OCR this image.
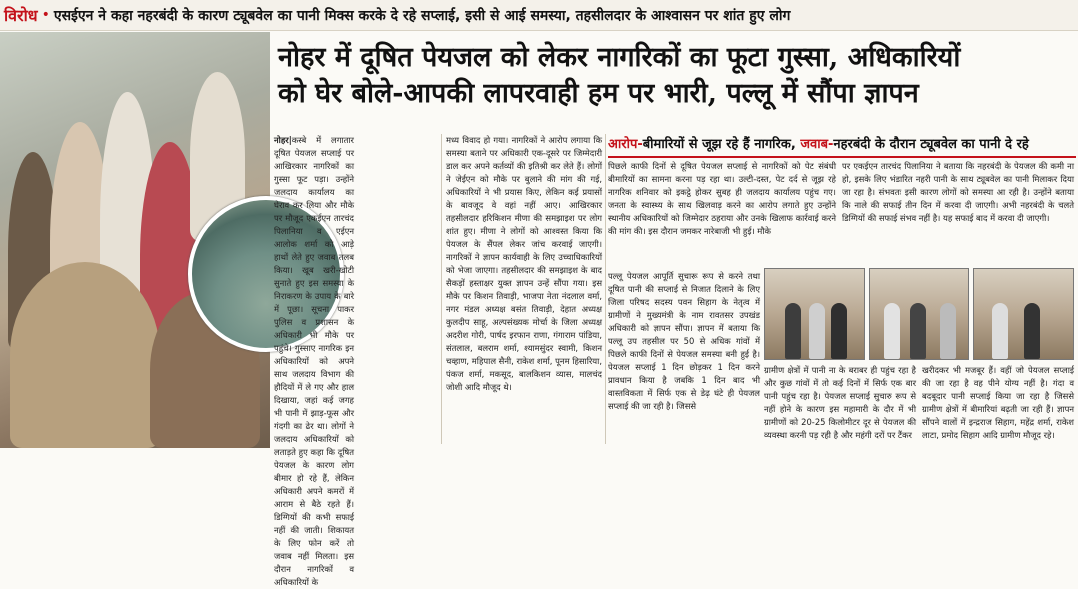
विरोध • एसईएन ने कहा नहरबंदी के कारण ट्यूबवेल का पानी मिक्स करके दे रहे सप्लाई, इसी से आई समस्या, तहसीलदार के आश्वासन पर शांत हुए लोग
नोहर में दूषित पेयजल को लेकर नागरिकों का फूटा गुस्सा, अधिकारियों
को घेर बोले-आपकी लापरवाही हम पर भारी, पल्लू में सौंपा ज्ञापन
नोहर|कस्बे में लगातार दूषित पेयजल सप्लाई पर आखिरकार नागरिकों का गुस्सा फूट पड़ा। उन्होंने जलदाय कार्यालय का घेराव कर लिया और मौके पर मौजूद एकईएन तारचंद पिलानिया व एईएन आलोक शर्मा को आड़े हाथों लेते हुए जवाब तलब किया। खूब खरी-खोटी सुनाते हुए इस समस्या के निराकरण के उपाय के बारे में पूछा। सूचना पाकर पुलिस व प्रशासन के अधिकारी भी मौके पर पहुंचे। गुस्साए नागरिक इन अधिकारियों को अपने साथ जलदाय विभाग की हौदियों में ले गए और हाल दिखाया, जहां कई जगह भी पानी में झाड़-फूस और गंदगी का ढेर था। लोगों ने जलदाय अधिकारियों को लताड़ते हुए कहा कि दूषित पेयजल के कारण लोग बीमार हो रहे हैं, लेकिन अधिकारी अपने कमरों में आराम से बैठे रहते हैं। डिग्गियों की कभी सफाई नहीं की जाती। शिकायत के लिए फोन करें तो जवाब नहीं मिलता। इस दौरान नागरिकों व अधिकारियों के
मध्य विवाद हो गया। नागरिकों ने आरोप लगाया कि समस्या बताने पर अधिकारी एक-दूसरे पर जिम्मेदारी डाल कर अपने कर्तव्यों की इतिश्री कर लेते हैं। लोगों ने जेईएन को मौके पर बुलाने की मांग की गई, अधिकारियों ने भी प्रयास किए, लेकिन कई प्रयासों के बावजूद वे वहां नहीं आए। आखिरकार तहसीलदार हरिकिशन मीणा की समझाइश पर लोग शांत हुए। मीणा ने लोगों को आश्वस्त किया कि पेयजल के सैंपल लेकर जांच करवाई जाएगी। नागरिकों ने ज्ञापन कार्यवाही के लिए उच्चाधिकारियों को भेजा जाएगा। तहसीलदार की समझाइश के बाद सैकड़ों हस्ताक्षर युक्त ज्ञापन उन्हें सौंपा गया। इस मौके पर किशन तिवाड़ी, भाजपा नेता नंदलाल वर्मा, नगर मंडल अध्यक्ष बसंत तिवाड़ी, देहात अध्यक्ष कुलदीप साहू, अल्पसंख्यक मोर्चा के जिला अध्यक्ष अदरीश गोरी, पार्षद इरफान राणा, गंगाराम पांडिया, संतलाल, बलराम शर्मा, श्यामसुंदर स्वामी, किशन चव्हाण, महिपाल सैनी, राकेश शर्मा, पूनम हिसारिया, पंकज शर्मा, मकसूद, बालकिशन व्यास, मालचंद जोशी आदि मौजूद थे।
आरोप-बीमारियों से जूझ रहे हैं नागरिक, जवाब-नहरबंदी के दौरान ट्यूबवेल का पानी दे रहे
पिछले काफी दिनों से दूषित पेयजल सप्लाई से नागरिकों को पेट संबंधी बीमारियों का सामना करना पड़ रहा था। उल्टी-दस्त, पेट दर्द से जूझ रहे नागरिक शनिवार को इकट्ठे होकर सुबह ही जलदाय कार्यालय पहुंच गए। जनता के स्वास्थ्य के साथ खिलवाड़ करने का आरोप लगाते हुए उन्होंने स्थानीय अधिकारियों को जिम्मेदार ठहराया और उनके खिलाफ कार्रवाई करने की मांग की। इस दौरान जमकर नारेबाजी भी हुई। मौके
पर एकईएन तारचंद पिलानिया ने बताया कि नहरबंदी के पेयजल की कमी ना हो, इसके लिए भंडारित नहरी पानी के साथ ट्यूबवेल का पानी मिलाकर दिया जा रहा है। संभवतः इसी कारण लोगों को समस्या आ रही है। उन्होंने बताया कि नाले की सफाई तीन दिन में करवा दी जाएगी। अभी नहरबंदी के चलते डिग्गियों की सफाई संभव नहीं है। यह सफाई बाद में करवा दी जाएगी।
पल्लू पेयजल आपूर्ति सुचारू रूप से करने तथा दूषित पानी की सप्लाई से निजात दिलाने के लिए जिला परिषद सदस्य पवन सिहाग के नेतृत्व में ग्रामीणों ने मुख्यमंत्री के नाम रावतसर उपखंड अधिकारी को ज्ञापन सौंपा। ज्ञापन में बताया कि पल्लू उप तहसील पर 50 से अधिक गांवों में पिछले काफी दिनों से पेयजल समस्या बनी हुई है। पेयजल सप्लाई 1 दिन छोड़कर 1 दिन करने प्रावधान किया है जबकि 1 दिन बाद भी वास्तविकता में सिर्फ एक से डेढ़ घंटे ही पेयजल सप्लाई की जा रही है। जिससे
ग्रामीण क्षेत्रों में पानी ना के बराबर ही पहुंच रहा है और कुछ गांवों में तो कई दिनों में सिर्फ एक बार पानी पहुंच रहा है। पेयजल सप्लाई सुचारु रूप से नहीं होने के कारण इस महामारी के दौर में भी ग्रामीणों को 20-25 किलोमीटर दूर से पेयजल की व्यवस्था करनी पड़ रही है और महंगी दरों पर टैंकर
खरीदकर भी मजबूर हैं। वहीं जो पेयजल सप्लाई की जा रहा है वह पीने योग्य नहीं है। गंदा व बदबूदार पानी सप्लाई किया जा रहा है जिससे ग्रामीण क्षेत्रों में बीमारियां बढ़ती जा रही हैं। ज्ञापन सौंपने वालों में इन्द्रराज सिहाग, महेंद्र शर्मा, राकेश लाटा, प्रमोद सिहाग आदि ग्रामीण मौजूद रहे।
